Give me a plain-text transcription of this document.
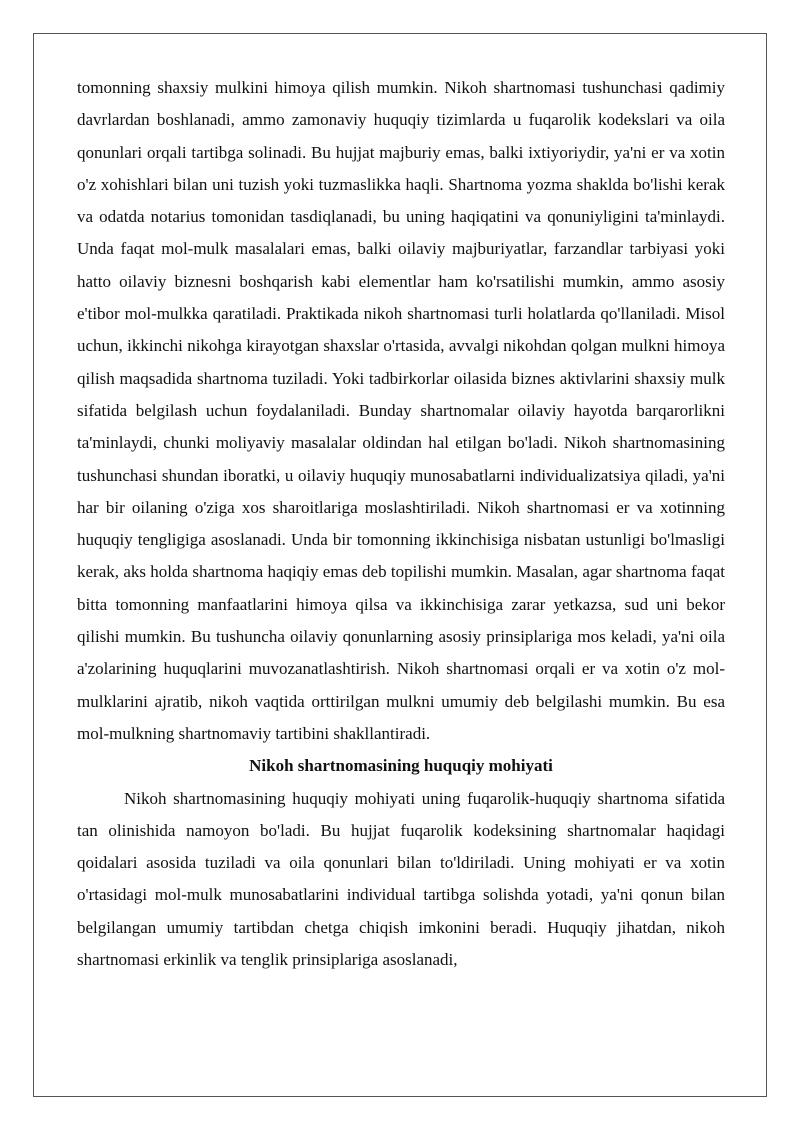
tomonning shaxsiy mulkini himoya qilish mumkin. Nikoh shartnomasi tushunchasi qadimiy davrlardan boshlanadi, ammo zamonaviy huquqiy tizimlarda u fuqarolik kodekslari va oila qonunlari orqali tartibga solinadi. Bu hujjat majburiy emas, balki ixtiyoriydir, ya'ni er va xotin o'z xohishlari bilan uni tuzish yoki tuzmaslikka haqli. Shartnoma yozma shaklda bo'lishi kerak va odatda notarius tomonidan tasdiqlanadi, bu uning haqiqatini va qonuniyligini ta'minlaydi. Unda faqat mol-mulk masalalari emas, balki oilaviy majburiyatlar, farzandlar tarbiyasi yoki hatto oilaviy biznesni boshqarish kabi elementlar ham ko'rsatilishi mumkin, ammo asosiy e'tibor mol-mulkka qaratiladi. Praktikada nikoh shartnomasi turli holatlarda qo'llaniladi. Misol uchun, ikkinchi nikohga kirayotgan shaxslar o'rtasida, avvalgi nikohdan qolgan mulkni himoya qilish maqsadida shartnoma tuziladi. Yoki tadbirkorlar oilasida biznes aktivlarini shaxsiy mulk sifatida belgilash uchun foydalaniladi. Bunday shartnomalar oilaviy hayotda barqarorlikni ta'minlaydi, chunki moliyaviy masalalar oldindan hal etilgan bo'ladi. Nikoh shartnomasining tushunchasi shundan iboratki, u oilaviy huquqiy munosabatlarni individualizatsiya qiladi, ya'ni har bir oilaning o'ziga xos sharoitlariga moslashtiriladi. Nikoh shartnomasi er va xotinning huquqiy tengligiga asoslanadi. Unda bir tomonning ikkinchisiga nisbatan ustunligi bo'lmasligi kerak, aks holda shartnoma haqiqiy emas deb topilishi mumkin. Masalan, agar shartnoma faqat bitta tomonning manfaatlarini himoya qilsa va ikkinchisiga zarar yetkazsa, sud uni bekor qilishi mumkin. Bu tushuncha oilaviy qonunlarning asosiy prinsiplariga mos keladi, ya'ni oila a'zolarining huquqlarini muvozanatlashtirish. Nikoh shartnomasi orqali er va xotin o'z mol-mulklarini ajratib, nikoh vaqtida orttirilgan mulkni umumiy deb belgilashi mumkin. Bu esa mol-mulkning shartnomaviy tartibini shakllantiradi.

Nikoh shartnomasining huquqiy mohiyati

Nikoh shartnomasining huquqiy mohiyati uning fuqarolik-huquqiy shartnoma sifatida tan olinishida namoyon bo'ladi. Bu hujjat fuqarolik kodeksining shartnomalar haqidagi qoidalari asosida tuziladi va oila qonunlari bilan to'ldiriladi. Uning mohiyati er va xotin o'rtasidagi mol-mulk munosabatlarini individual tartibga solishda yotadi, ya'ni qonun bilan belgilangan umumiy tartibdan chetga chiqish imkonini beradi. Huquqiy jihatdan, nikoh shartnomasi erkinlik va tenglik prinsiplariga asoslanadi,
